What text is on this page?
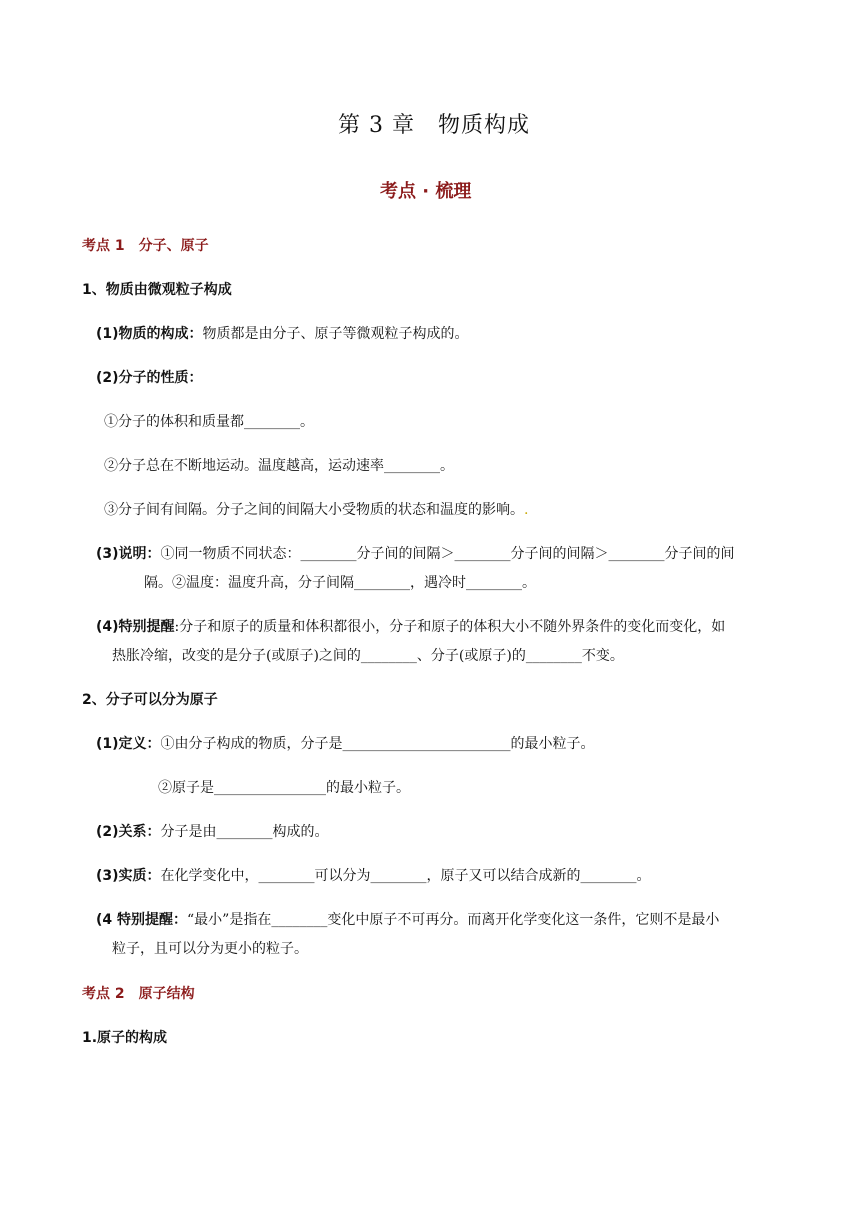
第 3 章　物质构成
考点 · 梳理
考点 1　分子、原子
1、物质由微观粒子构成
(1)物质的构成：物质都是由分子、原子等微观粒子构成的。
(2)分子的性质：
①分子的体积和质量都________。
②分子总在不断地运动。温度越高，运动速率________。
③分子间有间隔。分子之间的间隔大小受物质的状态和温度的影响。.
(3)说明：①同一物质不同状态：________分子间的间隔＞________分子间的间隔＞________分子间的间
隔。②温度：温度升高，分子间隔________，遇冷时________。
(4)特别提醒:分子和原子的质量和体积都很小，分子和原子的体积大小不随外界条件的变化而变化，如
热胀冷缩，改变的是分子(或原子)之间的________、分子(或原子)的________不变。
2、分子可以分为原子
(1)定义：①由分子构成的物质，分子是________________________的最小粒子。
②原子是________________的最小粒子。
(2)关系：分子是由________构成的。
(3)实质：在化学变化中，________可以分为________，原子又可以结合成新的________。
(4 特别提醒：“最小”是指在________变化中原子不可再分。而离开化学变化这一条件，它则不是最小
粒子，且可以分为更小的粒子。
考点 2　原子结构
1.原子的构成
